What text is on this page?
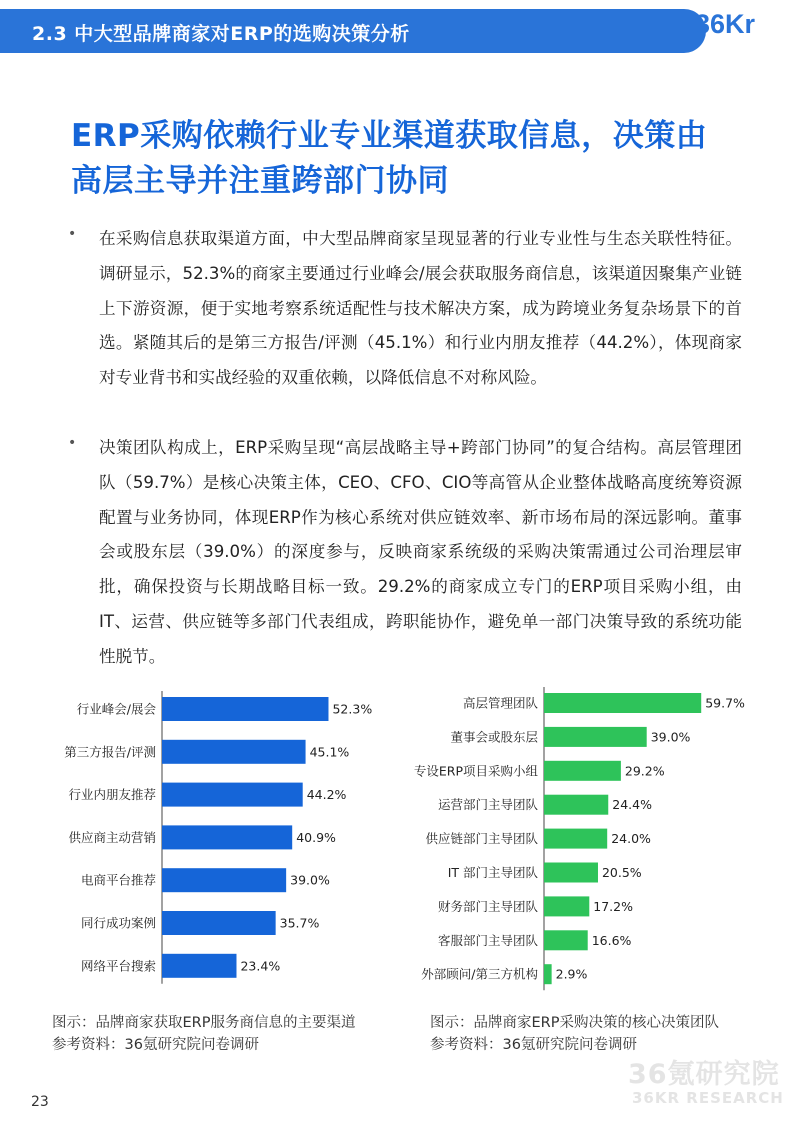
2.3 中大型品牌商家对ERP的选购决策分析	36Kr
ERP采购依赖行业专业渠道获取信息，决策由
高层主导并注重跨部门协同
• 在采购信息获取渠道方面，中大型品牌商家呈现显著的行业专业性与生态关联性特征。调研显示，52.3%的商家主要通过行业峰会/展会获取服务商信息，该渠道因聚集产业链上下游资源，便于实地考察系统适配性与技术解决方案，成为跨境业务复杂场景下的首选。紧随其后的是第三方报告/评测（45.1%）和行业内朋友推荐（44.2%），体现商家对专业背书和实战经验的双重依赖，以降低信息不对称风险。

• 决策团队构成上，ERP采购呈现“高层战略主导+跨部门协同”的复合结构。高层管理团队（59.7%）是核心决策主体，CEO、CFO、CIO等高管从企业整体战略高度统筹资源配置与业务协同，体现ERP作为核心系统对供应链效率、新市场布局的深远影响。董事会或股东层（39.0%）的深度参与，反映商家系统级的采购决策需通过公司治理层审批，确保投资与长期战略目标一致。29.2%的商家成立专门的ERP项目采购小组，由IT、运营、供应链等多部门代表组成，跨职能协作，避免单一部门决策导致的系统功能性脱节。

行业峰会/展会	52.3%
第三方报告/评测	45.1%
行业内朋友推荐	44.2%
供应商主动营销	40.9%
电商平台推荐	39.0%
同行成功案例	35.7%
网络平台搜索	23.4%
图示：品牌商家获取ERP服务商信息的主要渠道
参考资料：36氪研究院问卷调研
高层管理团队	59.7%
董事会或股东层	39.0%
专设ERP项目采购小组	29.2%
运营部门主导团队	24.4%
供应链部门主导团队	24.0%
IT 部门主导团队	20.5%
财务部门主导团队	17.2%
客服部门主导团队	16.6%
外部顾问/第三方机构 2.9%
图示：品牌商家ERP采购决策的核心决策团队
参考资料：36氪研究院问卷调研
23
36氪研究院
36KR RESEARCH
